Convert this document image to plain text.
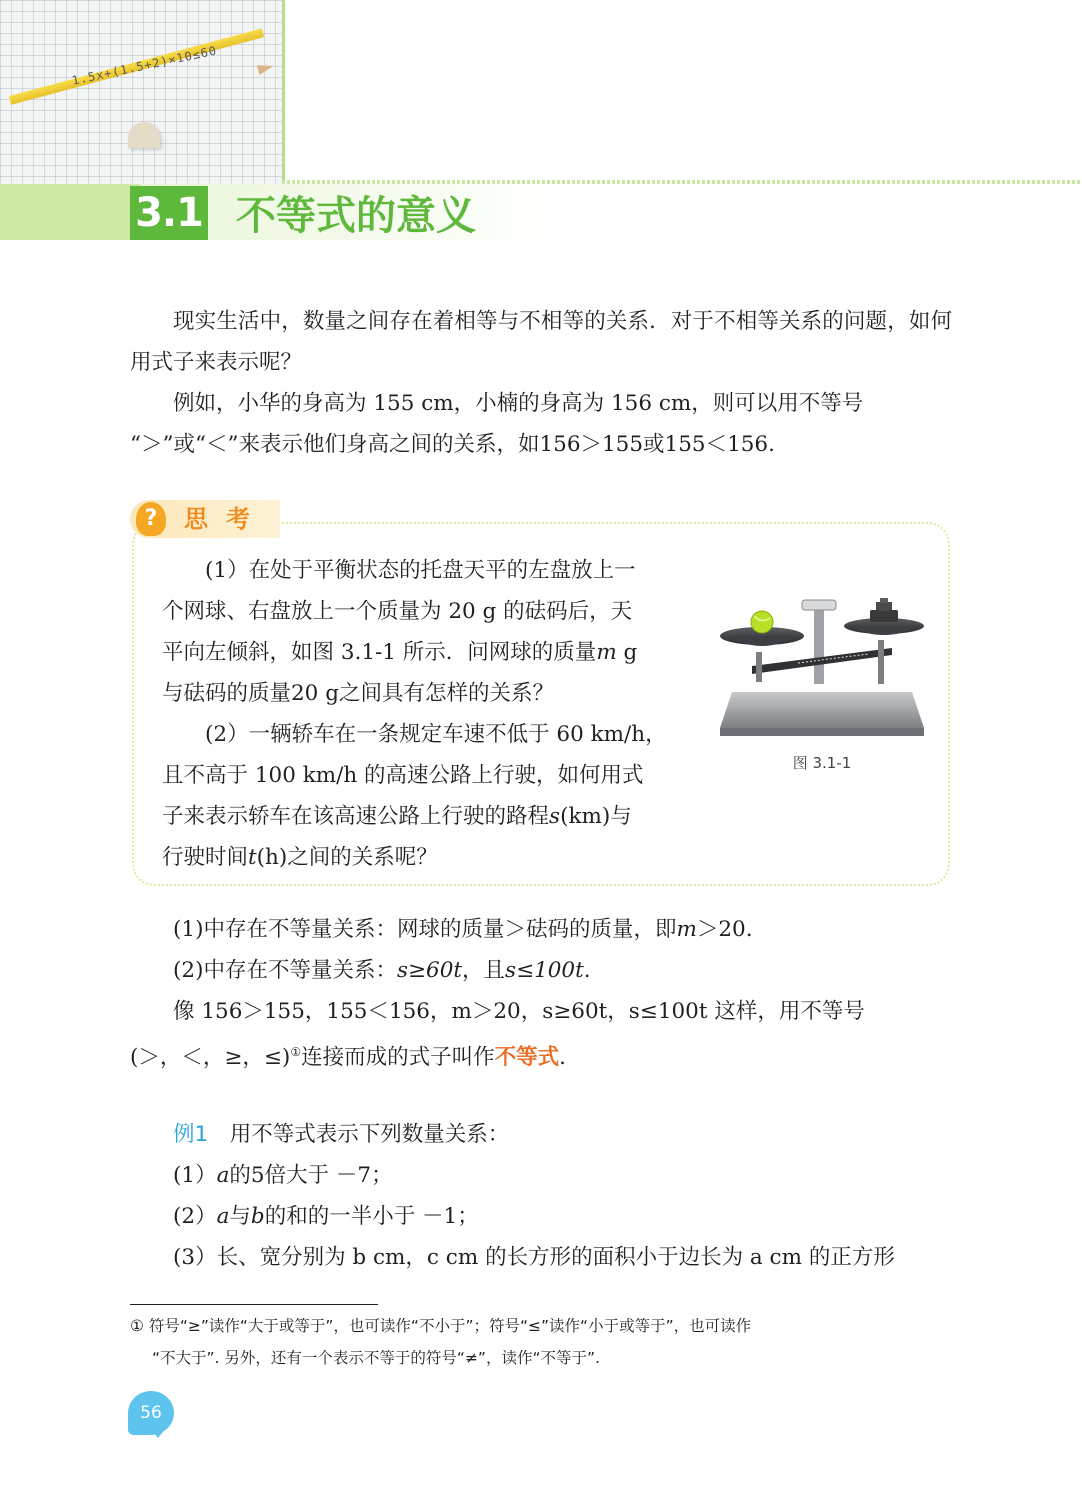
1.5x+(1.5+2)×10≤60
3.1 不等式的意义

现实生活中，数量之间存在着相等与不相等的关系．对于不相等关系的问题，如何用式子来表示呢？

例如，小华的身高为 155 cm，小楠的身高为 156 cm，则可以用不等号

“＞”或“＜”来表示他们身高之间的关系，如156＞155或155＜156.

?	思考

(1）在处于平衡状态的托盘天平的左盘放上一

个网球、右盘放上一个质量为 20 g 的砝码后，天

平向左倾斜，如图 3.1-1 所示．问网球的质量m g

与砝码的质量20 g之间具有怎样的关系？

(2）一辆轿车在一条规定车速不低于 60 km/h，

且不高于 100 km/h 的高速公路上行驶，如何用式

子来表示轿车在该高速公路上行驶的路程s(km)与

行驶时间t(h)之间的关系呢？

图 3.1-1

(1)中存在不等量关系：网球的质量＞砝码的质量，即m＞20.

(2)中存在不等量关系：s≥60t，且s≤100t.

像 156＞155，155＜156，m＞20，s≥60t，s≤100t 这样，用不等号

(＞，＜，≥，≤)①连接而成的式子叫作不等式.

例1　 用不等式表示下列数量关系：

(1）a的5倍大于 －7；

(2）a与b的和的一半小于 －1；

(3）长、宽分别为 b cm，c cm 的长方形的面积小于边长为 a cm 的正方形

① 符号“≥”读作“大于或等于”，也可读作“不小于”；符号“≤”读作“小于或等于”，也可读作

“不大于”. 另外，还有一个表示不等于的符号“≠”，读作“不等于”.

56
